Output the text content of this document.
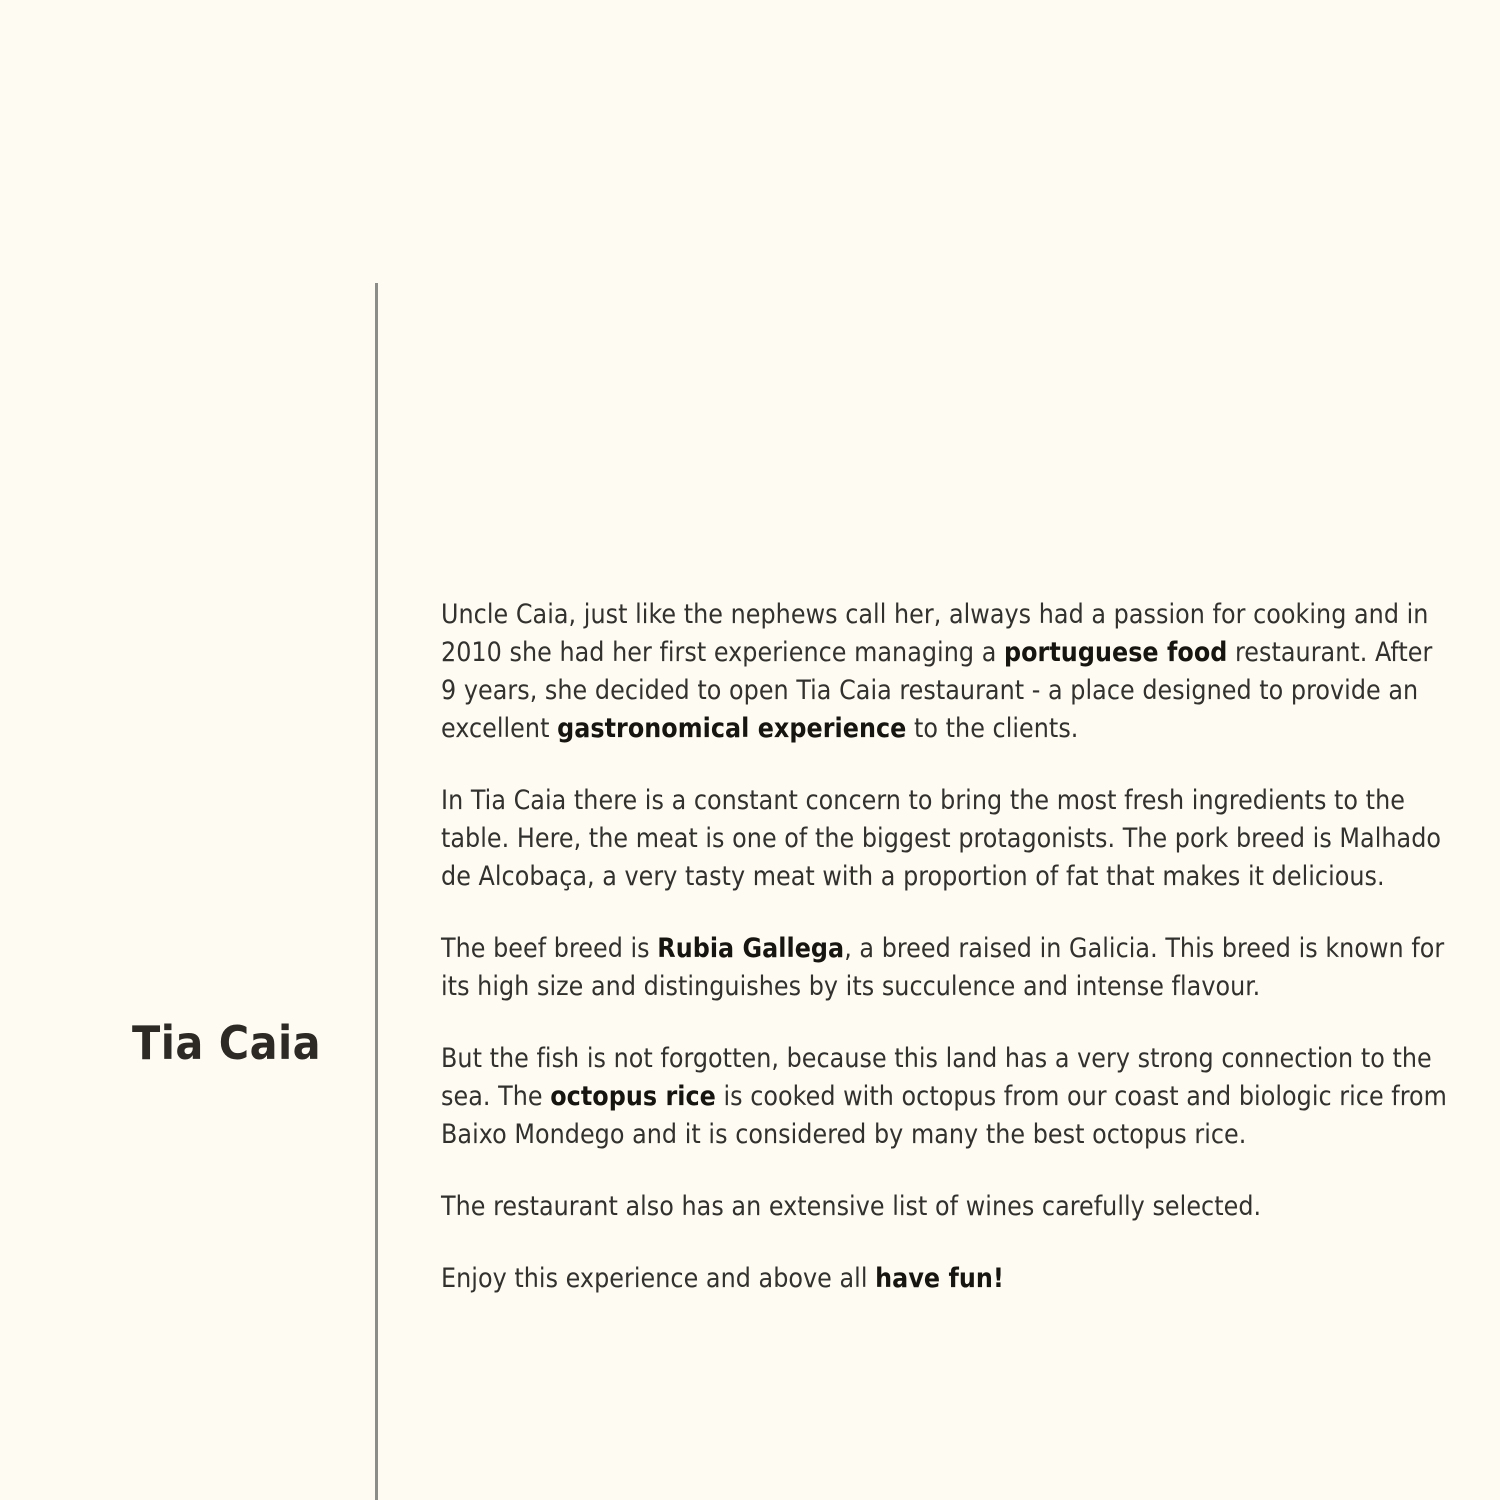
Tia Caia

Uncle Caia, just like the nephews call her, always had a passion for cooking and in 2010 she had her first experience managing a portuguese food restaurant. After 9 years, she decided to open Tia Caia restaurant - a place designed to provide an excellent gastronomical experience to the clients.

In Tia Caia there is a constant concern to bring the most fresh ingredients to the table. Here, the meat is one of the biggest protagonists. The pork breed is Malhado de Alcobaça, a very tasty meat with a proportion of fat that makes it delicious.

The beef breed is Rubia Gallega, a breed raised in Galicia. This breed is known for its high size and distinguishes by its succulence and intense flavour.

But the fish is not forgotten, because this land has a very strong connection to the sea. The octopus rice is cooked with octopus from our coast and biologic rice from Baixo Mondego and it is considered by many the best octopus rice.

The restaurant also has an extensive list of wines carefully selected.

Enjoy this experience and above all have fun!
